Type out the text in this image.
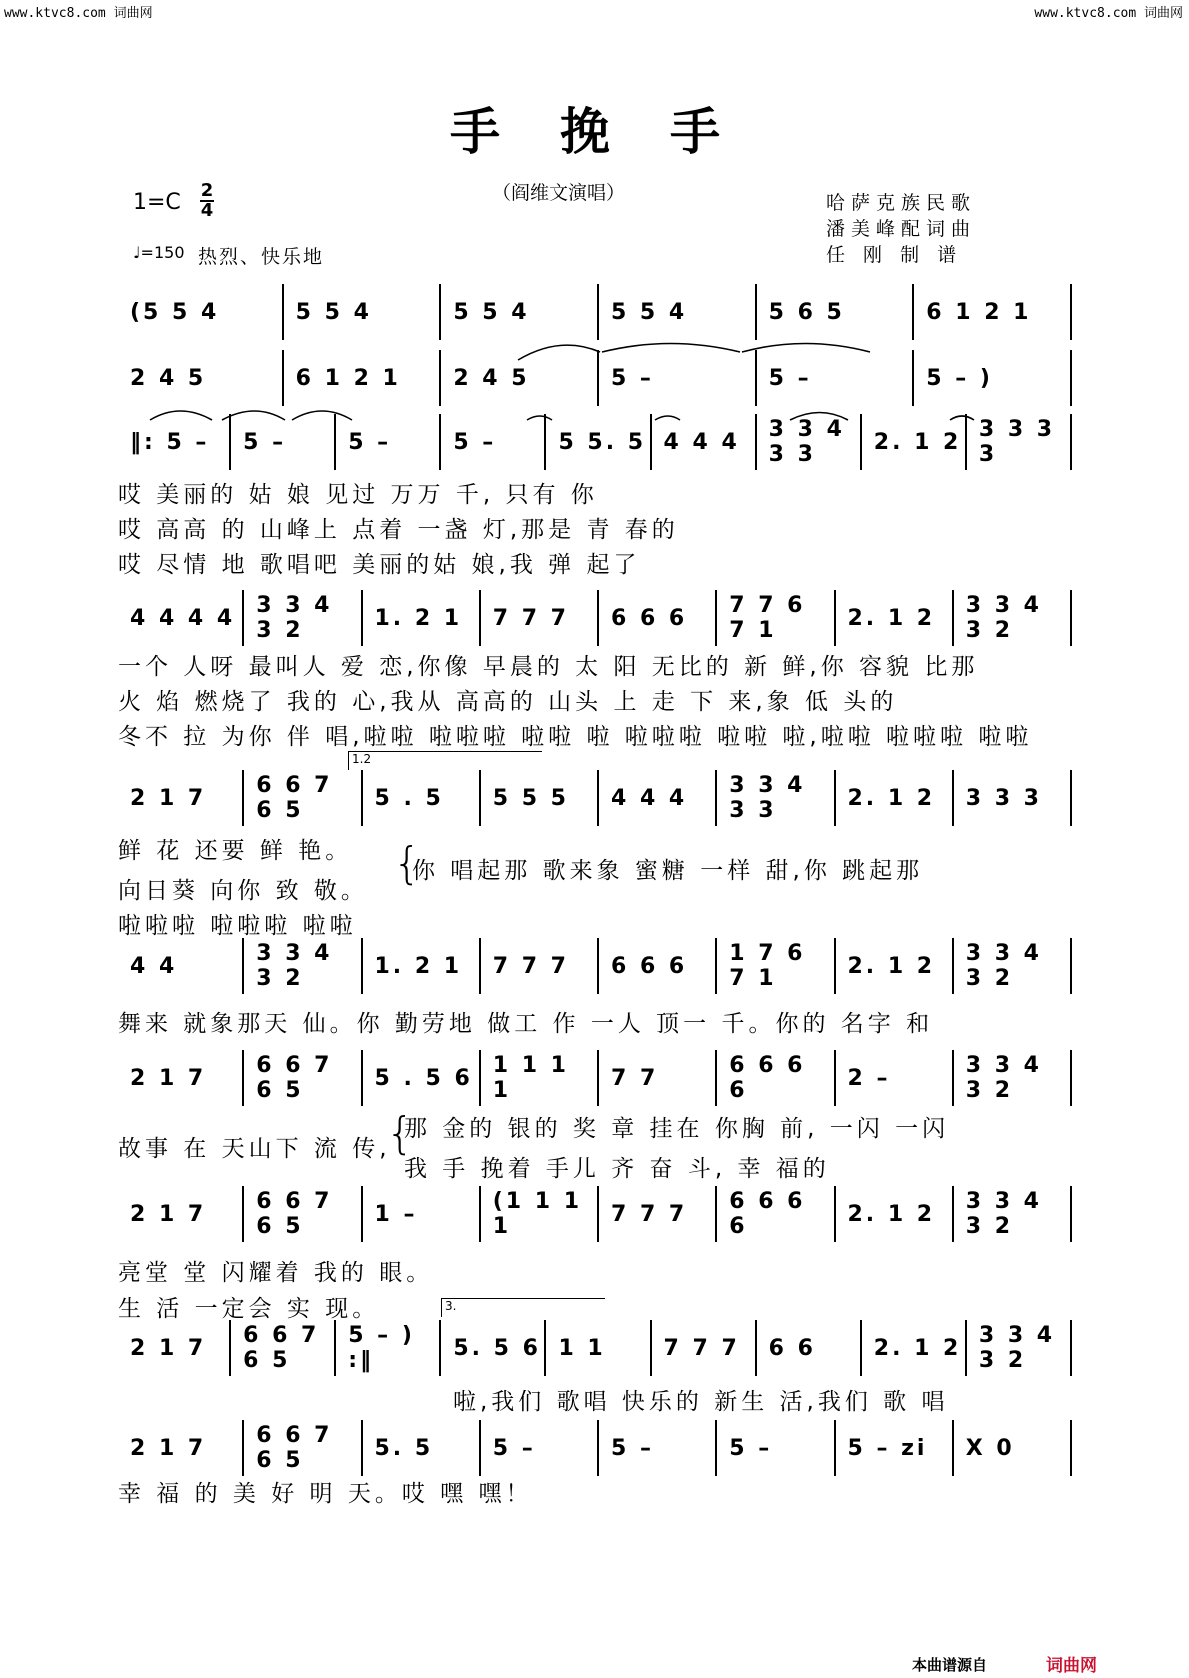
www.ktvc8.com 词曲网	www.ktvc8.com 词曲网
手挽手
（阎维文演唱）
1=C 2
4
♩=150 热烈、快乐地
哈萨克族民歌
潘美峰配词曲
任 刚 制 谱
(5 5 4	5 5 4	5 5 4	5 5 4	5 6 5	6 1 2 1
2 4 5	6 1 2 1	2 4 5	5 –	5 –	5 – )
‖: 5 –	5 –	5 –	5 –	5 5. 5 4 4 4	3 3 4 3 3	2. 1 2 3 3 3 3
4 4 4 4 3 3 4 3 2	1. 2 1	7 7 7	6 6 6	7 7 6 7 1	2. 1 2	3 3 4 3 2
2 1 7	6 6 7 6 5	5 . 5	5 5 5	4 4 4	3 3 4 3 3	2. 1 2	3 3 3
4 4	3 3 4 3 2	1. 2 1	7 7 7	6 6 6	1 7 6 7 1	2. 1 2	3 3 4 3 2
2 1 7	6 6 7 6 5	5 . 5 6 1 1 1 1	7 7	6 6 6 6	2 –	3 3 4 3 2
2 1 7	6 6 7 6 5	1 –	(1 1 1 1	7 7 7	6 6 6 6	2. 1 2	3 3 4 3 2
2 1 7	6 6 7 6 5
5 – ) :‖	5. 5 6 1 1	7 7 7	6 6	2. 1 2 3 3 4 3 2
2 1 7	6 6 7 6 5	5. 5	5 –	5 –	5 –	5 – zi	X 0
1.2
3.
哎 美丽的 姑 娘 见过 万万 千, 只有 你
哎 高高 的 山峰上 点着 一盏 灯,那是 青 春的
哎 尽情 地 歌唱吧 美丽的姑 娘,我 弹 起了
一个 人呀 最叫人 爱 恋,你像 早晨的 太 阳 无比的 新 鲜,你 容貌 比那
火 焰 燃烧了 我的 心,我从 高高的 山头 上 走 下 来,象 低 头的
冬不 拉 为你 伴 唱,啦啦 啦啦啦 啦啦 啦 啦啦啦 啦啦 啦,啦啦 啦啦啦 啦啦
鲜 花 还要 鲜 艳。 {
你 唱起那 歌来象 蜜糖 一样 甜,你 跳起那
向日葵 向你 致 敬。
啦啦啦 啦啦啦 啦啦
舞来 就象那天 仙。你 勤劳地 做工 作 一人 顶一 千。你的 名字 和
故事 在 天山下 流 传,
{
那 金的 银的 奖 章 挂在 你胸 前, 一闪 一闪
我 手 挽着 手儿 齐 奋 斗, 幸 福的
亮堂 堂 闪耀着 我的 眼。
生 活 一定会 实 现。
啦,我们 歌唱 快乐的 新生 活,我们 歌 唱
幸 福 的 美 好 明 天。哎 嘿 嘿！
本曲谱源自	词曲网
